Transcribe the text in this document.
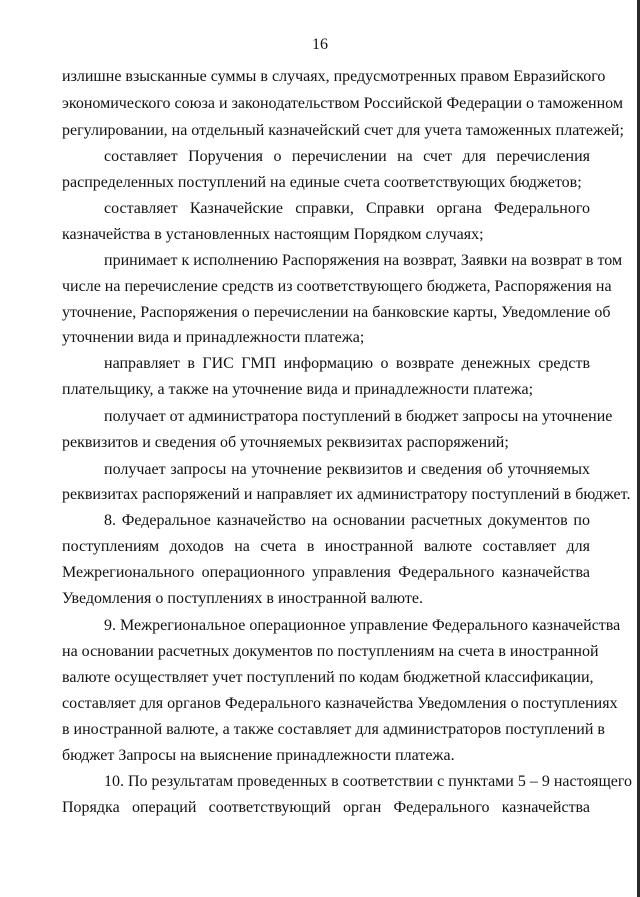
16
излишне взысканные суммы в случаях, предусмотренных правом Евразийского
экономического союза и законодательством Российской Федерации о таможенном
регулировании, на отдельный казначейский счет для учета таможенных платежей;
составляет Поручения о перечислении на счет для перечисления
распределенных поступлений на единые счета соответствующих бюджетов;
составляет Казначейские справки, Справки органа Федерального
казначейства в установленных настоящим Порядком случаях;
принимает к исполнению Распоряжения на возврат, Заявки на возврат в том
числе на перечисление средств из соответствующего бюджета, Распоряжения на
уточнение, Распоряжения о перечислении на банковские карты, Уведомление об
уточнении вида и принадлежности платежа;
направляет в ГИС ГМП информацию о возврате денежных средств
плательщику, а также на уточнение вида и принадлежности платежа;
получает от администратора поступлений в бюджет запросы на уточнение
реквизитов и сведения об уточняемых реквизитах распоряжений;
получает запросы на уточнение реквизитов и сведения об уточняемых
реквизитах распоряжений и направляет их администратору поступлений в бюджет.
8. Федеральное казначейство на основании расчетных документов по
поступлениям доходов на счета в иностранной валюте составляет для
Межрегионального операционного управления Федерального казначейства
Уведомления о поступлениях в иностранной валюте.
9. Межрегиональное операционное управление Федерального казначейства
на основании расчетных документов по поступлениям на счета в иностранной
валюте осуществляет учет поступлений по кодам бюджетной классификации,
составляет для органов Федерального казначейства Уведомления о поступлениях
в иностранной валюте, а также составляет для администраторов поступлений в
бюджет Запросы на выяснение принадлежности платежа.
10. По результатам проведенных в соответствии с пунктами 5 – 9 настоящего
Порядка операций соответствующий орган Федерального казначейства
